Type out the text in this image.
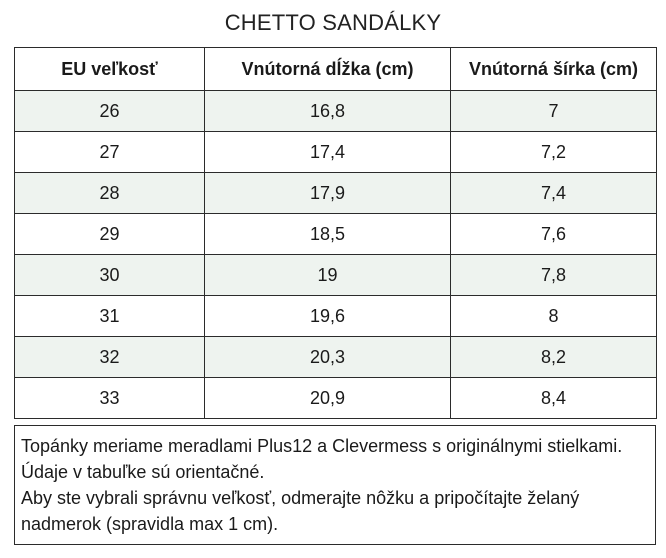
CHETTO SANDÁLKY
EU veľkosť	Vnútorná dĺžka (cm)	Vnútorná šírka (cm)
26	16,8	7
27	17,4	7,2
28	17,9	7,4
29	18,5	7,6
30	19	7,8
31	19,6	8
32	20,3	8,2
33	20,9	8,4

Topánky meriame meradlami Plus12 a Clevermess s originálnymi stielkami. Údaje v tabuľke sú orientačné.

Aby ste vybrali správnu veľkosť, odmerajte nôžku a pripočítajte želaný nadmerok (spravidla max 1 cm).
